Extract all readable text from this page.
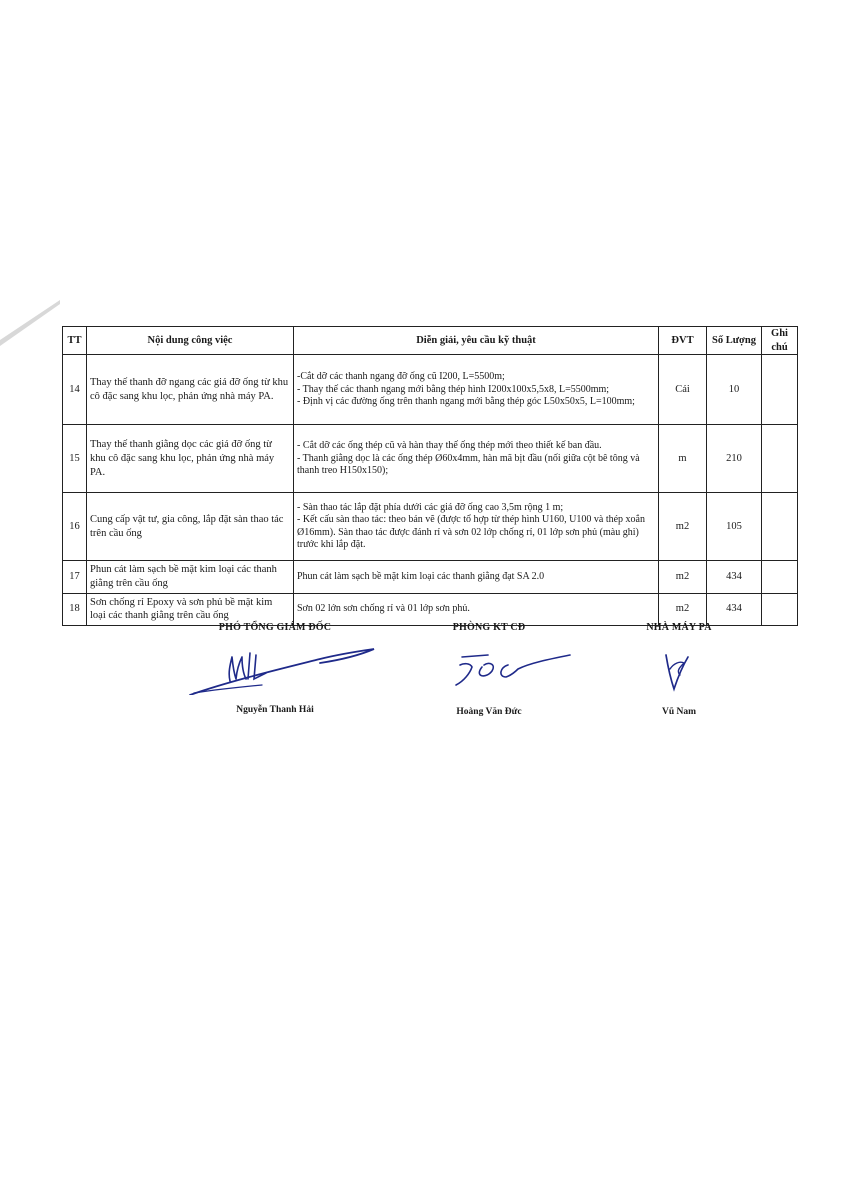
TT	Nội dung công việc	Diễn giải, yêu cầu kỹ thuật	ĐVT	Số Lượng	Ghi chú
14	Thay thế thanh đỡ ngang các giá đỡ ống từ khu cô đặc sang khu lọc, phản ứng nhà máy PA.	-Cắt dỡ các thanh ngang đỡ ống cũ I200, L=5500m;
- Thay thế các thanh ngang mới bằng thép hình I200x100x5,5x8, L=5500mm;
- Định vị các đường ống trên thanh ngang mới bằng thép góc L50x50x5, L=100mm;	Cái	10	
15	Thay thế thanh giằng dọc các giá đỡ ống từ khu cô đặc sang khu lọc, phản ứng nhà máy PA.	- Cắt dỡ các ống thép cũ và hàn thay thế ống thép mới theo thiết kế ban đầu.
- Thanh giằng dọc là các ống thép Ø60x4mm, hàn mã bịt đầu (nối giữa cột bê tông và thanh treo H150x150);	m	210	
16	Cung cấp vật tư, gia công, lắp đặt sàn thao tác trên cầu ống	- Sàn thao tác lắp đặt phía dưới các giá đỡ ống cao 3,5m rộng 1 m;
- Kết cấu sàn thao tác: theo bản vẽ (được tổ hợp từ thép hình U160, U100 và thép xoắn Ø16mm). Sàn thao tác được đánh rỉ và sơn 02 lớp chống rỉ, 01 lớp sơn phủ (màu ghi) trước khi lắp đặt.	m2	105	
17	Phun cát làm sạch bề mặt kim loại các thanh giằng trên cầu ống	Phun cát làm sạch bề mặt kim loại các thanh giằng đạt SA 2.0	m2	434	
18	Sơn chống rỉ Epoxy và sơn phủ bề mặt kim loại các thanh giằng trên cầu ống	Sơn 02 lớn sơn chống rỉ và 01 lớp sơn phủ.	m2	434	
PHÓ TỔNG GIÁM ĐỐC
Nguyễn Thanh Hải
PHÒNG KT CĐ
Hoàng Văn Đức
NHÀ MÁY PA
Vũ Nam
